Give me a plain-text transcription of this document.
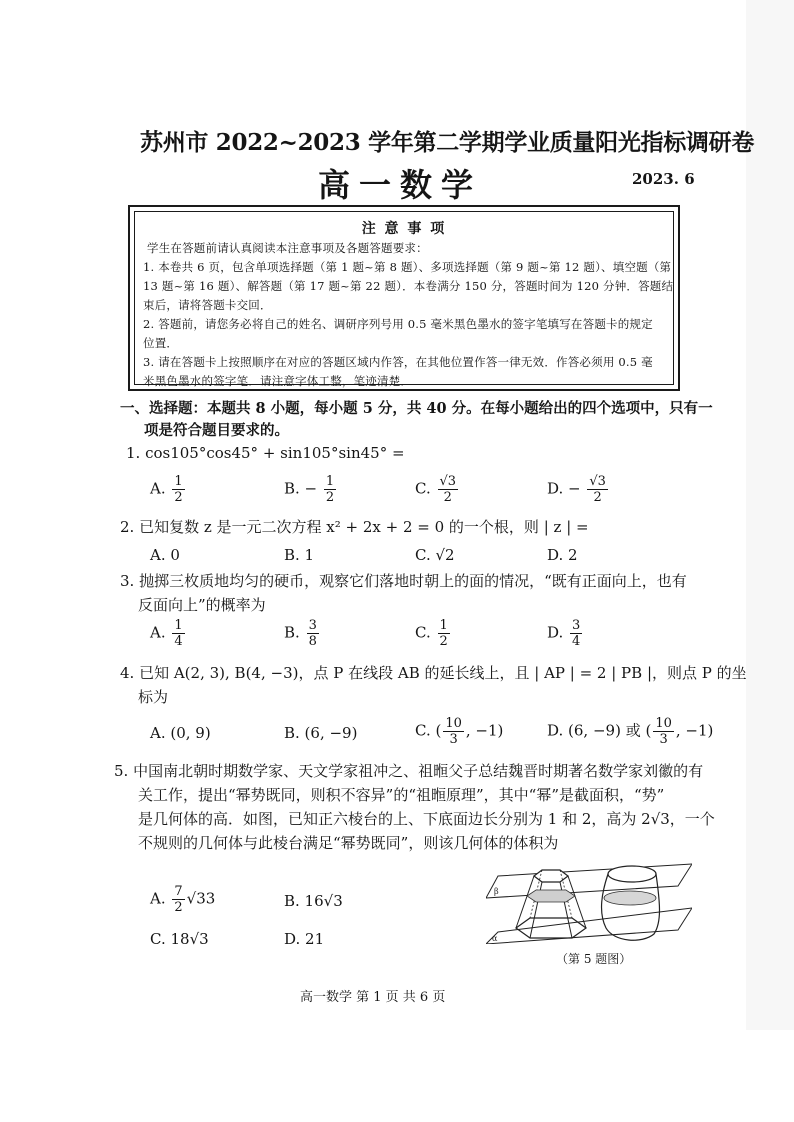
苏州市 2022~2023 学年第二学期学业质量阳光指标调研卷
高一数学	2023. 6
注 意 事 项
学生在答题前请认真阅读本注意事项及各题答题要求：
1. 本卷共 6 页，包含单项选择题（第 1 题~第 8 题）、多项选择题（第 9 题~第 12 题）、填空题（第
13 题~第 16 题）、解答题（第 17 题~第 22 题）．本卷满分 150 分，答题时间为 120 分钟．答题结
束后，请将答题卡交回．
2. 答题前，请您务必将自己的姓名、调研序列号用 0.5 毫米黑色墨水的签字笔填写在答题卡的规定
位置．
3. 请在答题卡上按照顺序在对应的答题区域内作答，在其他位置作答一律无效．作答必须用 0.5 毫
米黑色墨水的签字笔．请注意字体工整，笔迹清楚．
一、选择题：本题共 8 小题，每小题 5 分，共 40 分。在每小题给出的四个选项中，只有一
项是符合题目要求的。
1. cos105°cos45° + sin105°sin45° =
A. $\frac{1}{2}$	B. − $\frac{1}{2}$	C. $\frac{√3}{2}$	D. − $\frac{√3}{2}$
2. 已知复数 z 是一元二次方程 x² + 2x + 2 = 0 的一个根，则 | z | =
A. 0	B. 1	C. √2	D. 2
3. 抛掷三枚质地均匀的硬币，观察它们落地时朝上的面的情况，“既有正面向上，也有
反面向上”的概率为
A. $\frac{1}{4}$	B. $\frac{3}{8}$	C. $\frac{1}{2}$	D. $\frac{3}{4}$
4. 已知 A(2, 3), B(4, −3)，点 P 在线段 AB 的延长线上，且 | AP | = 2 | PB |，则点 P 的坐
标为
A. (0, 9)	B. (6, −9)	C. ( $\frac{10}{3}$ , −1)	D. (6, −9) 或 ( $\frac{10}{3}$ , −1)
5. 中国南北朝时期数学家、天文学家祖冲之、祖暅父子总结魏晋时期著名数学家刘徽的有
关工作，提出“幂势既同，则积不容异”的“祖暅原理”，其中“幂”是截面积，“势”
是几何体的高．如图，已知正六棱台的上、下底面边长分别为 1 和 2，高为 2√3，一个
不规则的几何体与此棱台满足“幂势既同”，则该几何体的体积为
A. $\frac{7}{2} √33$	B. 16√3
C. 18√3	D. 21
β
α
（第 5 题图）
高一数学 第 1 页 共 6 页
